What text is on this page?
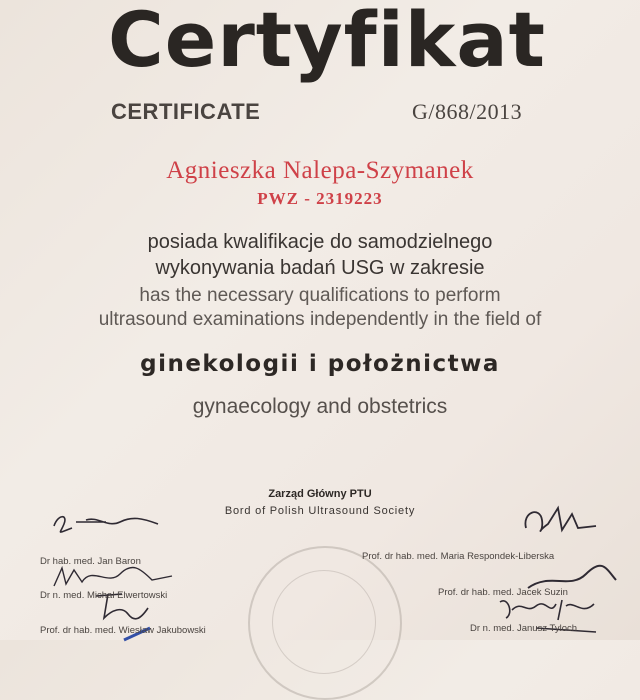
Certyfikat
CERTIFICATE	G/868/2013
Agnieszka Nalepa-Szymanek
PWZ - 2319223
posiada kwalifikacje do samodzielnego
wykonywania badań USG w zakresie
has the necessary qualifications to perform
ultrasound examinations independently in the field of
ginekologii i położnictwa
gynaecology and obstetrics
Zarząd Główny PTU
Bord of Polish Ultrasound Society
Dr hab. med. Jan Baron
Dr n. med. Michał Elwertowski
Prof. dr hab. med. Wiesław Jakubowski
Prof. dr hab. med. Maria Respondek-Liberska
Prof. dr hab. med. Jacek Suzin
Dr n. med. Janusz Tyloch
